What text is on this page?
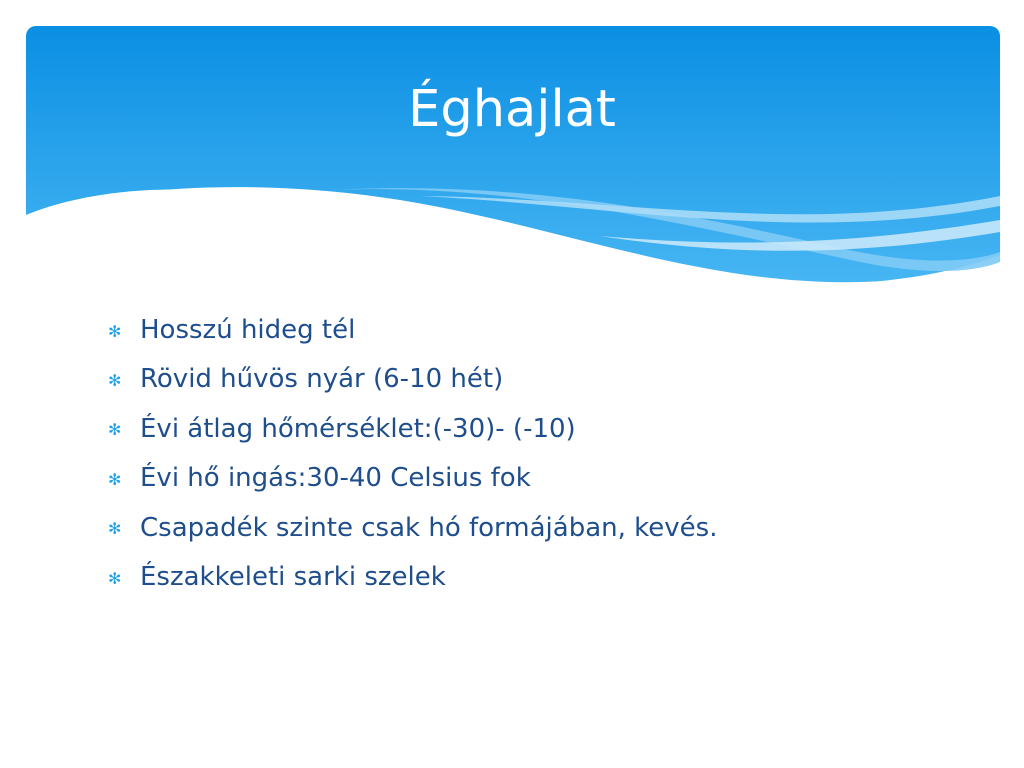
Éghajlat
✻ Hosszú hideg tél
✻ Rövid hűvös nyár (6-10 hét)
✻ Évi átlag hőmérséklet:(-30)- (-10)
✻ Évi hő ingás:30-40 Celsius fok
✻ Csapadék szinte csak hó formájában, kevés.
✻ Északkeleti sarki szelek
